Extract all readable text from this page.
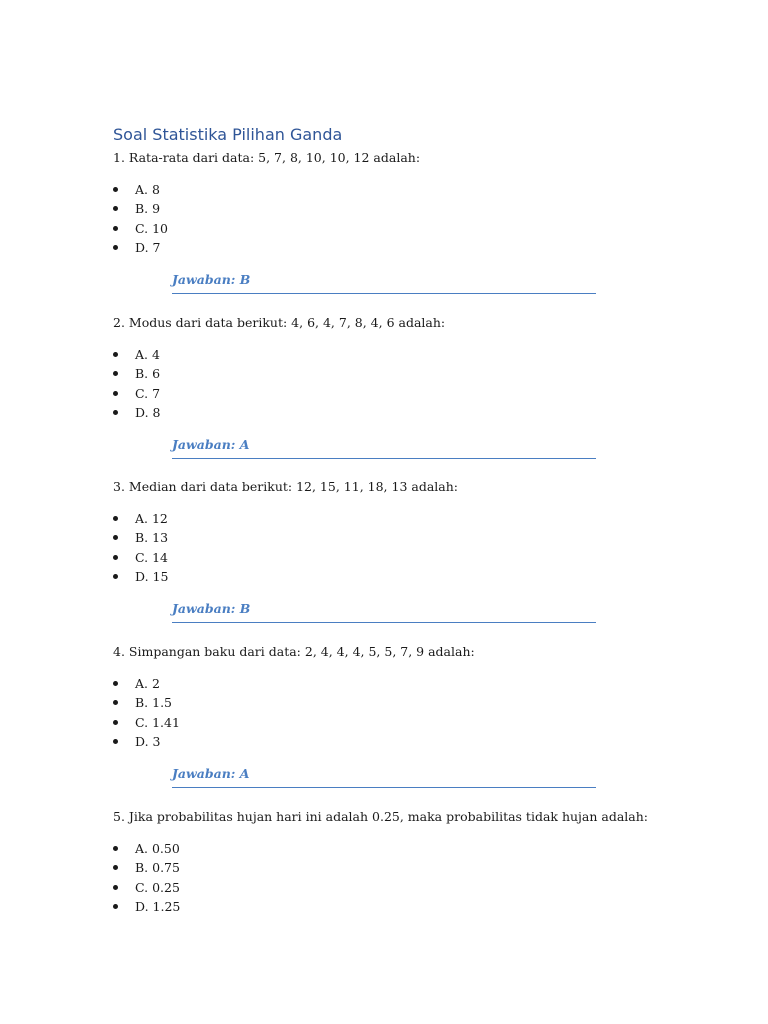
Soal Statistika Pilihan Ganda

1. Rata-rata dari data: 5, 7, 8, 10, 10, 12 adalah:

A. 8
B. 9
C. 10
D. 7
Jawaban: B

2. Modus dari data berikut: 4, 6, 4, 7, 8, 4, 6 adalah:

A. 4
B. 6
C. 7
D. 8
Jawaban: A

3. Median dari data berikut: 12, 15, 11, 18, 13 adalah:

A. 12
B. 13
C. 14
D. 15
Jawaban: B

4. Simpangan baku dari data: 2, 4, 4, 4, 5, 5, 7, 9 adalah:

A. 2
B. 1.5
C. 1.41
D. 3
Jawaban: A

5. Jika probabilitas hujan hari ini adalah 0.25, maka probabilitas tidak hujan adalah:

A. 0.50
B. 0.75
C. 0.25
D. 1.25
